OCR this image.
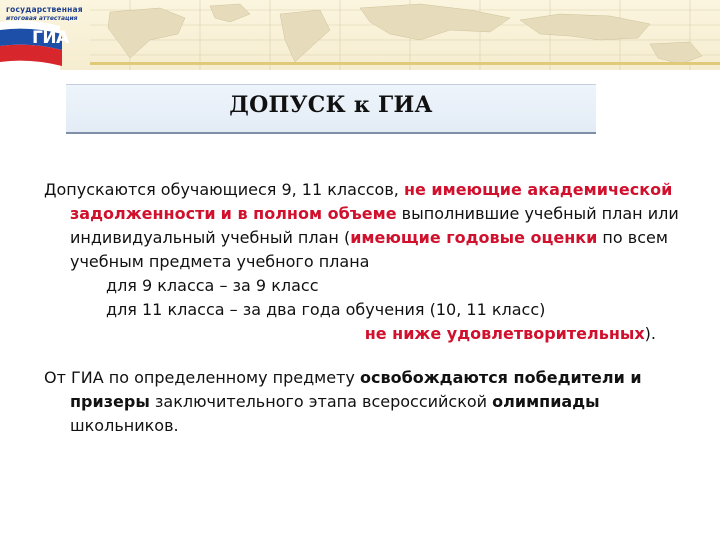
государственная
итоговая аттестация
ГИА
ДОПУСК к ГИА
Допускаются обучающиеся 9, 11 классов, не имеющие академической задолженности и в полном объеме выполнившие учебный план или индивидуальный учебный план (имеющие годовые оценки по всем учебным предмета учебного плана
для 9 класса – за 9 класс
для 11 класса – за два года обучения (10, 11 класс)
не ниже удовлетворительных).
От ГИА по определенному предмету освобождаются победители и призеры заключительного этапа всероссийской олимпиады школьников.
